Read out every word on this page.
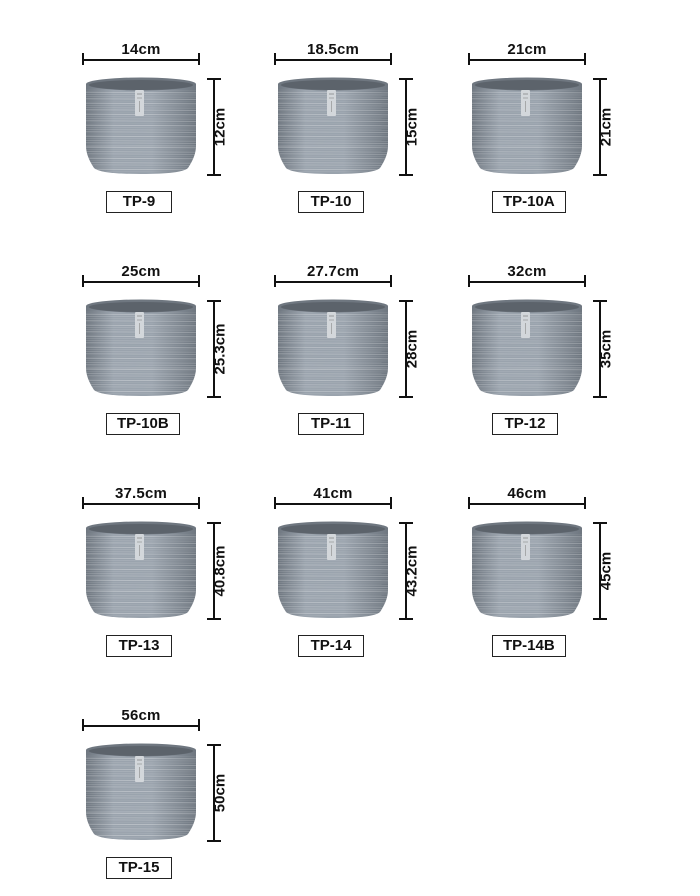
14cm
12cm
TP-9
18.5cm
15cm
TP-10
21cm
21cm
TP-10A
25cm
25.3cm
TP-10B
27.7cm
28cm
TP-11
32cm
35cm
TP-12
37.5cm
40.8cm
TP-13
41cm
43.2cm
TP-14
46cm
45cm
TP-14B
56cm
50cm
TP-15
